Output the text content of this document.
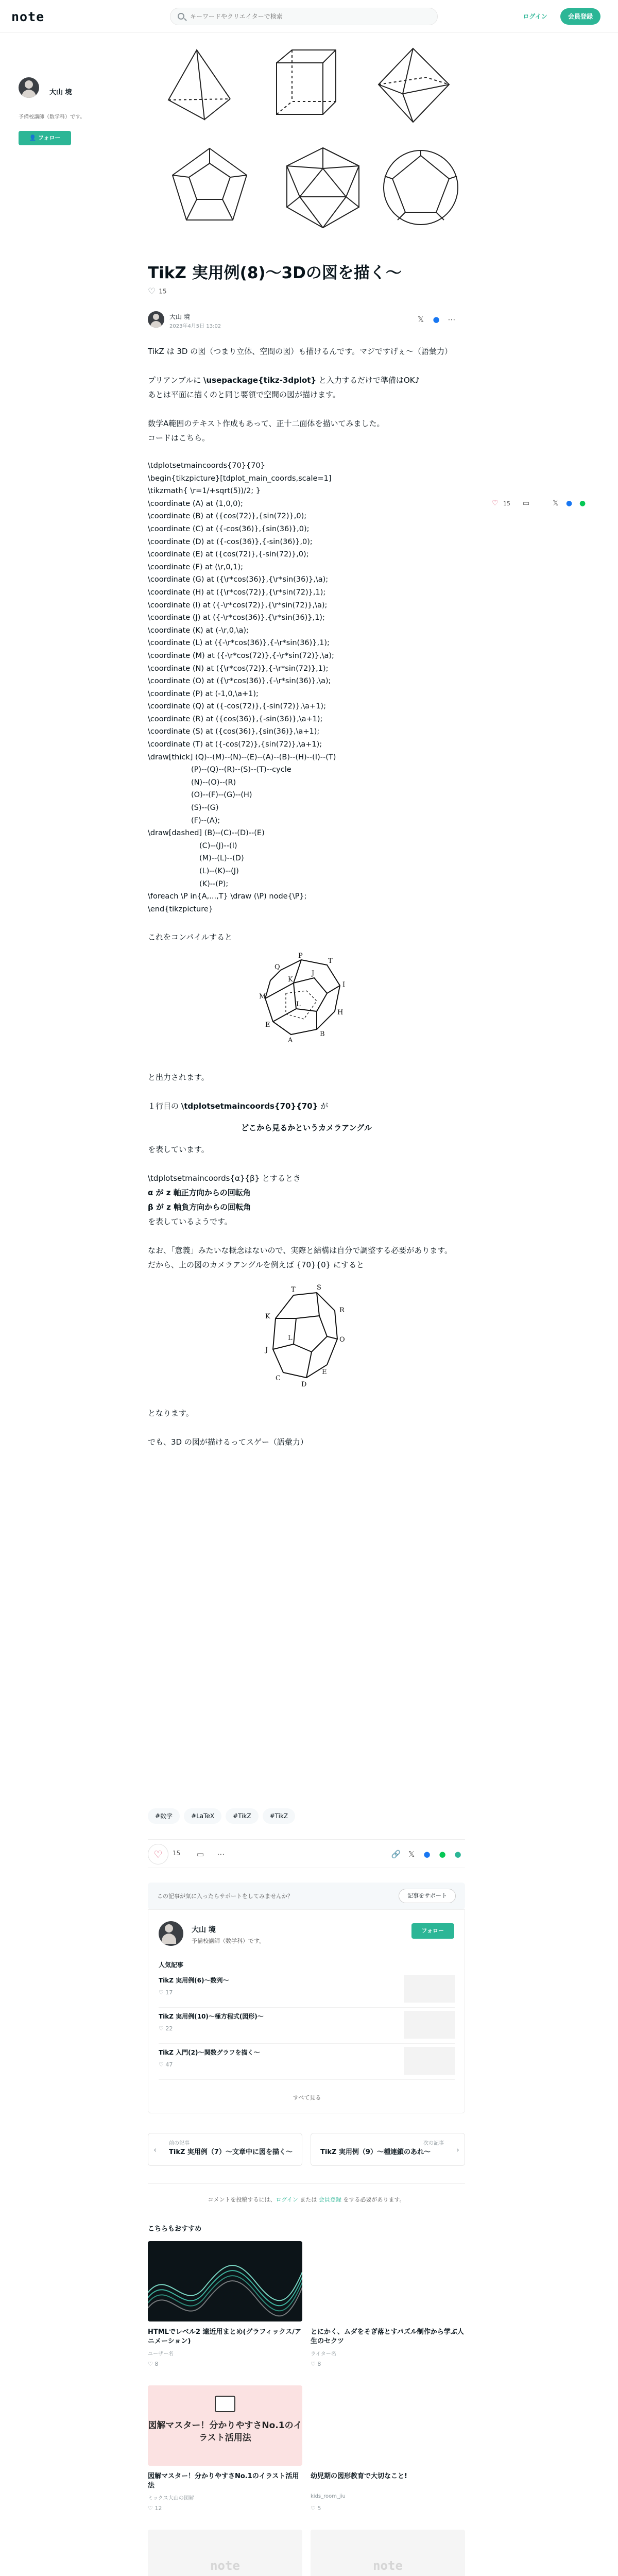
note
キーワードやクリエイターで検索	ログイン	会員登録
大山 境
予備校講師（数学科）です。
👤 フォロー
♡ 15 ▭	𝕏 ● ●
TikZ 実用例(8)〜3Dの図を描く〜
♡ 15
大山 境
2023年4月5日 13:02
𝕏 ● ⋯

TikZ は 3D の図（つまり立体、空間の図）も描けるんです。マジですげぇ〜（語彙力）

プリアンブルに \usepackage{tikz-3dplot} と入力するだけで準備はOK♪

あとは平面に描くのと同じ要領で空間の図が描けます。

数学A範囲のテキスト作成もあって、正十二面体を描いてみました。

コードはこちら。

\tdplotsetmaincoords{70}{70}
\begin{tikzpicture}[tdplot_main_coords,scale=1]
\tikzmath{ \r=1/+sqrt(5))/2; }
\coordinate (A) at (1,0,0);
\coordinate (B) at ({cos(72)},{sin(72)},0);
\coordinate (C) at ({-cos(36)},{sin(36)},0);
\coordinate (D) at ({-cos(36)},{-sin(36)},0);
\coordinate (E) at ({cos(72)},{-sin(72)},0);
\coordinate (F) at (\r,0,1);
\coordinate (G) at ({\r*cos(36)},{\r*sin(36)},\a);
\coordinate (H) at ({\r*cos(72)},{\r*sin(72)},1);
\coordinate (I) at ({-\r*cos(72)},{\r*sin(72)},\a);
\coordinate (J) at ({-\r*cos(36)},{\r*sin(36)},1);
\coordinate (K) at (-\r,0,\a);
\coordinate (L) at ({-\r*cos(36)},{-\r*sin(36)},1);
\coordinate (M) at ({-\r*cos(72)},{-\r*sin(72)},\a);
\coordinate (N) at ({\r*cos(72)},{-\r*sin(72)},1);
\coordinate (O) at ({\r*cos(36)},{-\r*sin(36)},\a);
\coordinate (P) at (-1,0,\a+1);
\coordinate (Q) at ({-cos(72)},{-sin(72)},\a+1);
\coordinate (R) at ({cos(36)},{-sin(36)},\a+1);
\coordinate (S) at ({cos(36)},{sin(36)},\a+1);
\coordinate (T) at ({-cos(72)},{sin(72)},\a+1);
\draw[thick] (Q)--(M)--(N)--(E)--(A)--(B)--(H)--(I)--(T)
(P)--(Q)--(R)--(S)--(T)--cycle
(N)--(O)--(R)
(O)--(F)--(G)--(H)
(S)--(G)
(F)--(A);
\draw[dashed] (B)--(C)--(D)--(E)
(C)--(J)--(I)
(M)--(L)--(D)
(L)--(K)--(J)
(K)--(P);
\foreach \P in{A,...,T} \draw (\P) node{\P};
\end{tikzpicture}

これをコンパイルすると

P
T
Q
I
M
H
K
J
B
A
E
L

と出力されます。

１行目の \tdplotsetmaincoords{70}{70} が

どこから見るかというカメラアングル

を表しています。

\tdplotsetmaincoords{α}{β} とするとき

α が z 軸正方向からの回転角

β が z 軸負方向からの回転角

を表しているようです。

なお、「意義」みたいな概念はないので、実際と結構は自分で調整する必要があります。

だから、上の図のカメラアングルを例えば {70}{0} にすると

T	S
K
R
O
J
E
D
C
L

となります。

でも、3D の図が描けるってスゲー（語彙力）

#数学	#LaTeX	#TikZ	#TikZ
♡	15	▭	⋯	🔗 𝕏	●	●	●
この記事が気に入ったらサポートをしてみませんか？	記事をサポート
大山 境
予備校講師（数学科）です。
フォロー
人気記事
TikZ 実用例(6)〜数列〜
♡ 17
TikZ 実用例(10)〜極方程式(図形)〜
♡ 22
TikZ 入門(2)〜関数グラフを描く〜
♡ 47
すべて見る
‹
前の記事
TikZ 実用例（7）〜文章中に図を描く〜
次の記事
TikZ 実用例（9）〜種連鎖のあれ〜	›
コメントを投稿するには、ログイン または 会員登録 をする必要があります。
こちらもおすすめ
HTMLでレベル2 遠近用まとめ(グラフィックス/アニメーション)
ユーザー名
♡ 8
とにかく、ムダをそぎ落とすパズル制作から学ぶ人生のセクツ
ライター名
♡ 8
図解マスター！分かりやすさNo.1のイラスト活用法
図解マスター！分かりやすさNo.1のイラスト活用法
ミックス大山の図解
♡ 12
幼児期の図形教育で大切なこと!
kids_room_jiu
♡ 5
note	note
